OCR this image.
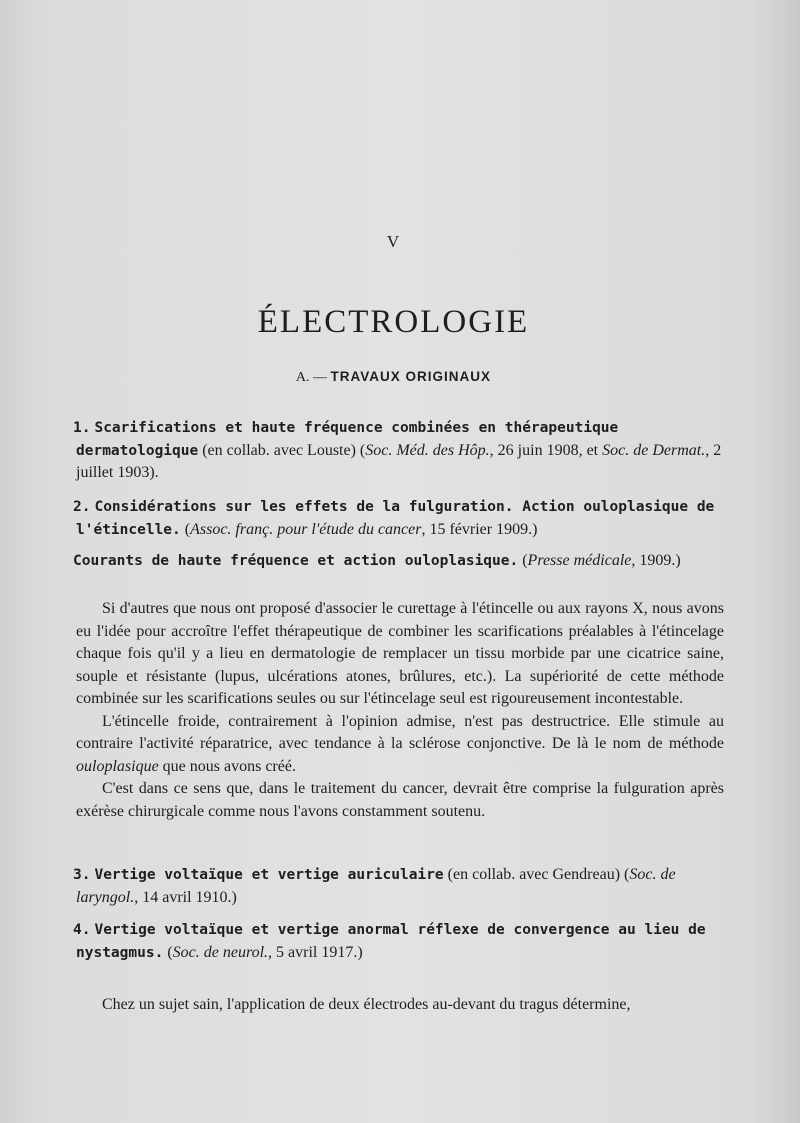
V
ÉLECTROLOGIE
A. — TRAVAUX ORIGINAUX
1. Scarifications et haute fréquence combinées en thérapeutique dermatologique (en collab. avec Louste) (Soc. Méd. des Hôp., 26 juin 1908, et Soc. de Dermat., 2 juillet 1903).
2. Considérations sur les effets de la fulguration. Action ouloplasique de l'étincelle. (Assoc. franç. pour l'étude du cancer, 15 février 1909.)
Courants de haute fréquence et action ouloplasique. (Presse médicale, 1909.)

Si d'autres que nous ont proposé d'associer le curettage à l'étincelle ou aux rayons X, nous avons eu l'idée pour accroître l'effet thérapeutique de combiner les scarifications préalables à l'étincelage chaque fois qu'il y a lieu en dermatologie de remplacer un tissu morbide par une cicatrice saine, souple et résistante (lupus, ulcérations atones, brûlures, etc.). La supériorité de cette méthode combinée sur les scarifications seules ou sur l'étincelage seul est rigoureusement incontestable.

L'étincelle froide, contrairement à l'opinion admise, n'est pas destructrice. Elle stimule au contraire l'activité réparatrice, avec tendance à la sclérose conjonctive. De là le nom de méthode ouloplasique que nous avons créé.

C'est dans ce sens que, dans le traitement du cancer, devrait être comprise la fulguration après exérèse chirurgicale comme nous l'avons constamment soutenu.

3. Vertige voltaïque et vertige auriculaire (en collab. avec Gendreau) (Soc. de laryngol., 14 avril 1910.)
4. Vertige voltaïque et vertige anormal réflexe de convergence au lieu de nystagmus. (Soc. de neurol., 5 avril 1917.)

Chez un sujet sain, l'application de deux électrodes au-devant du tragus détermine,
